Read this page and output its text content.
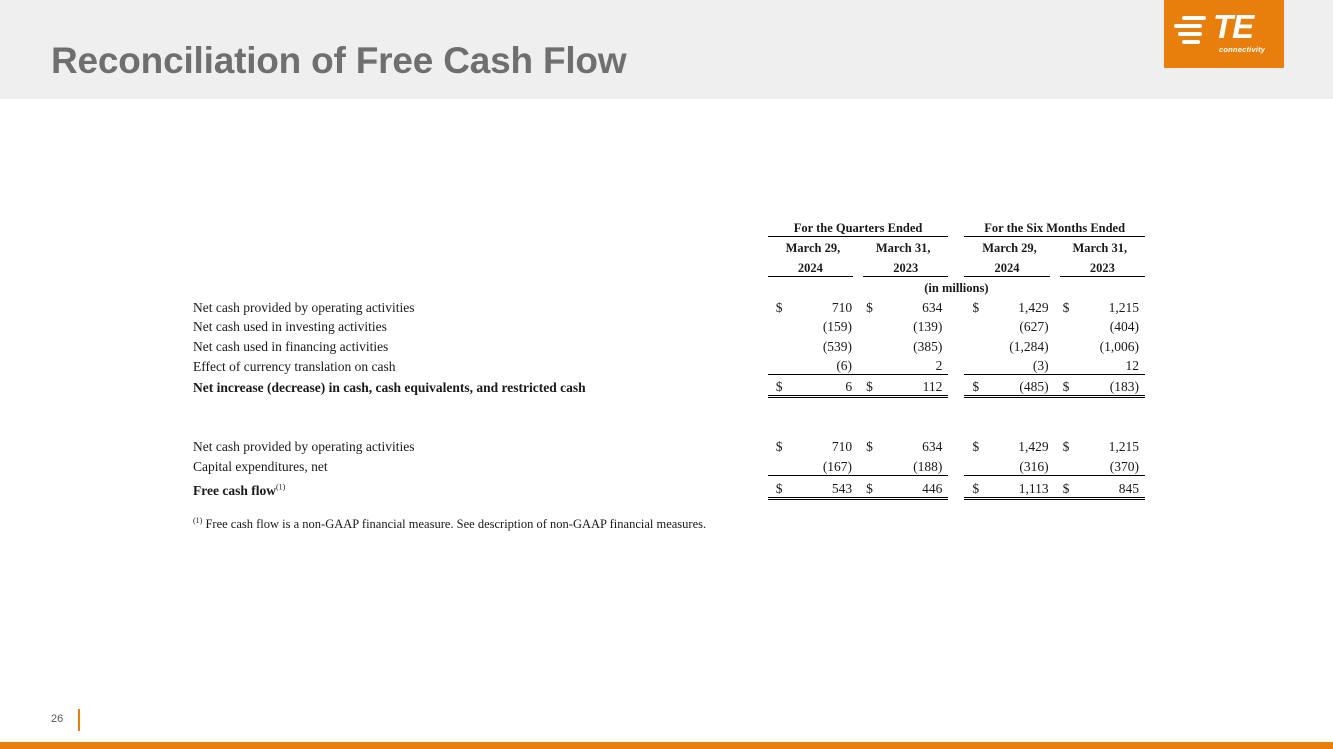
Reconciliation of Free Cash Flow
TE
connectivity
		For the Quarters Ended					For the Six Months Ended			
		March 29,		March 31,			March 29,		March 31,	
		2024		2023			2024		2023	
		(in millions)								
Net cash provided by operating activities		$	710	$	634		$	1,429	$	1,215
Net cash used in investing activities			(159)		(139)			(627)		(404)
Net cash used in financing activities			(539)		(385)			(1,284)		(1,006)
Effect of currency translation on cash			(6)		2			(3)		12
Net increase (decrease) in cash, cash equivalents, and restricted cash		$	6	$	112		$	(485)	$	(183)

Net cash provided by operating activities		$	710	$	634		$	1,429	$	1,215
Capital expenditures, net			(167)		(188)			(316)		(370)
Free cash flow$^{(1)}$		$	543	$	446		$	1,113	$	845

$^{(1)}$ Free cash flow is a non-GAAP financial measure. See description of non-GAAP financial measures.

26
